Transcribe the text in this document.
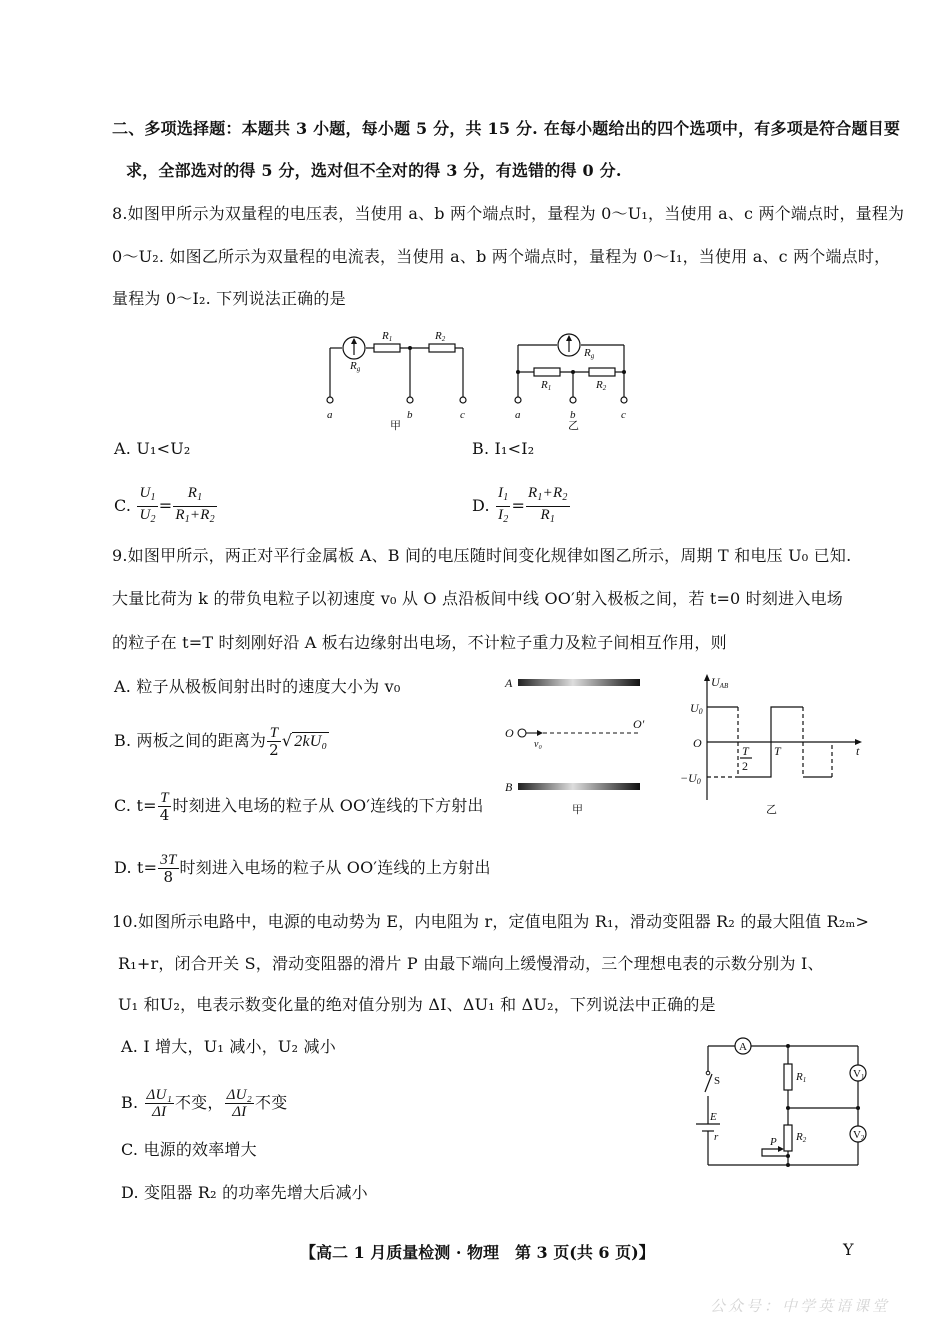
二、多项选择题：本题共 3 小题，每小题 5 分，共 15 分. 在每小题给出的四个选项中，有多项是符合题目要
求，全部选对的得 5 分，选对但不全对的得 3 分，有选错的得 0 分.
8.如图甲所示为双量程的电压表，当使用 a、b 两个端点时，量程为 0～U₁，当使用 a、c 两个端点时，量程为
0～U₂. 如图乙所示为双量程的电流表，当使用 a、b 两个端点时，量程为 0～I₁，当使用 a、c 两个端点时，
量程为 0～I₂. 下列说法正确的是
Rg
R1	R2
a	b	c
甲
Rg
R1	R2
a	b	c
乙
A. U₁<U₂	B. I₁<I₂
C. $\frac{U_1}{U_2} = \frac{R_1}{R_1+R_2}$	D. $\frac{I_1}{I_2} = \frac{R_1+R_2}{R_1}$
9.如图甲所示，两正对平行金属板 A、B 间的电压随时间变化规律如图乙所示，周期 T 和电压 U₀ 已知.
大量比荷为 k 的带负电粒子以初速度 v₀ 从 O 点沿板间中线 OO′射入极板之间，若 t=0 时刻进入电场
的粒子在 t=T 时刻刚好沿 A 板右边缘射出电场，不计粒子重力及粒子间相互作用，则
A. 粒子从极板间射出时的速度大小为 v₀
B. 两板之间的距离为 $\frac{T}{2}$ √ 2kU₀
C. $t= \frac{T}{4}$ 时刻进入电场的粒子从 OO′连线的下方射出
D. $t= \frac{3T}{8}$ 时刻进入电场的粒子从 OO′连线的上方射出
A
B
O
O′
v₀
甲
UAB
U0
O
−U0
T
2
T	t
乙
10.如图所示电路中，电源的电动势为 E，内电阻为 r，定值电阻为 R₁，滑动变阻器 R₂ 的最大阻值 R₂ₘ>
R₁+r，闭合开关 S，滑动变阻器的滑片 P 由最下端向上缓慢滑动，三个理想电表的示数分别为 I、
U₁ 和U₂，电表示数变化量的绝对值分别为 ΔI、ΔU₁ 和 ΔU₂，下列说法中正确的是
A. I 增大，U₁ 减小，U₂ 减小
B. $\frac{\text{ΔU₁}}{\Delta I}$ 不变， $\frac{\text{ΔU₂}}{\Delta I}$ 不变
C. 电源的效率增大
D. 变阻器 R₂ 的功率先增大后减小
A
V1
V2
S	R1
R2
E
r	P
【高二 1 月质量检测 · 物理　第 3 页(共 6 页)】	Y
公众号：中学英语课堂
